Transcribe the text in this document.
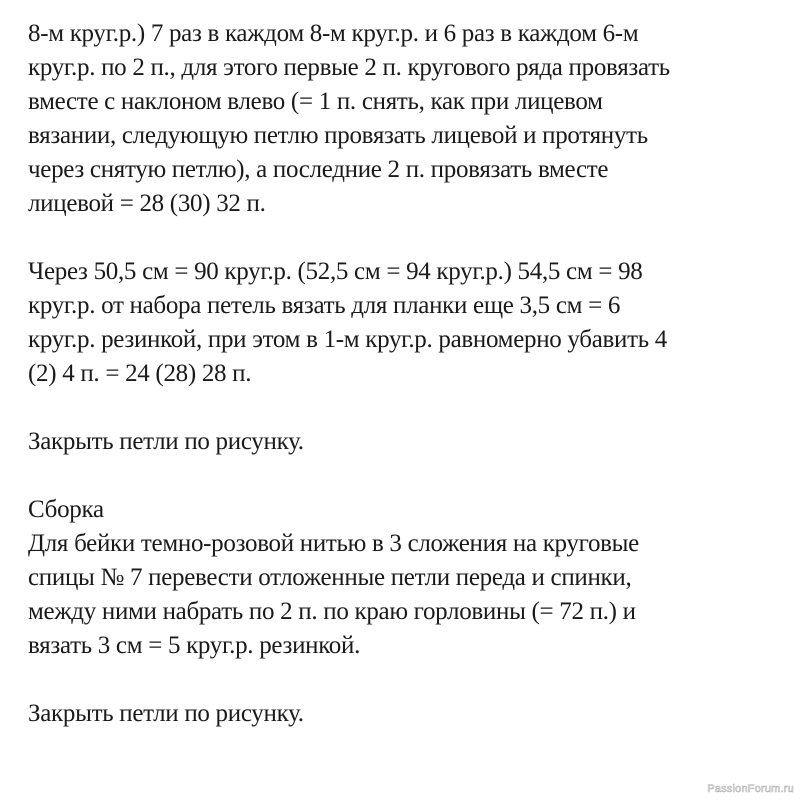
8-м круг.р.) 7 раз в каждом 8-м круг.р. и 6 раз в каждом 6-м
круг.р. по 2 п., для этого первые 2 п. кругового ряда провязать
вместе с наклоном влево (= 1 п. снять, как при лицевом
вязании, следующую петлю провязать лицевой и протянуть
через снятую петлю), а последние 2 п. провязать вместе
лицевой = 28 (30) 32 п.
Через 50,5 см = 90 круг.р. (52,5 см = 94 круг.р.) 54,5 см = 98
круг.р. от набора петель вязать для планки еще 3,5 см = 6
круг.р. резинкой, при этом в 1-м круг.р. равномерно убавить 4
(2) 4 п. = 24 (28) 28 п.
Закрыть петли по рисунку.
Сборка
Для бейки темно-розовой нитью в 3 сложения на круговые
спицы № 7 перевести отложенные петли переда и спинки,
между ними набрать по 2 п. по краю горловины (= 72 п.) и
вязать 3 см = 5 круг.р. резинкой.
Закрыть петли по рисунку.
PassionForum.ru
